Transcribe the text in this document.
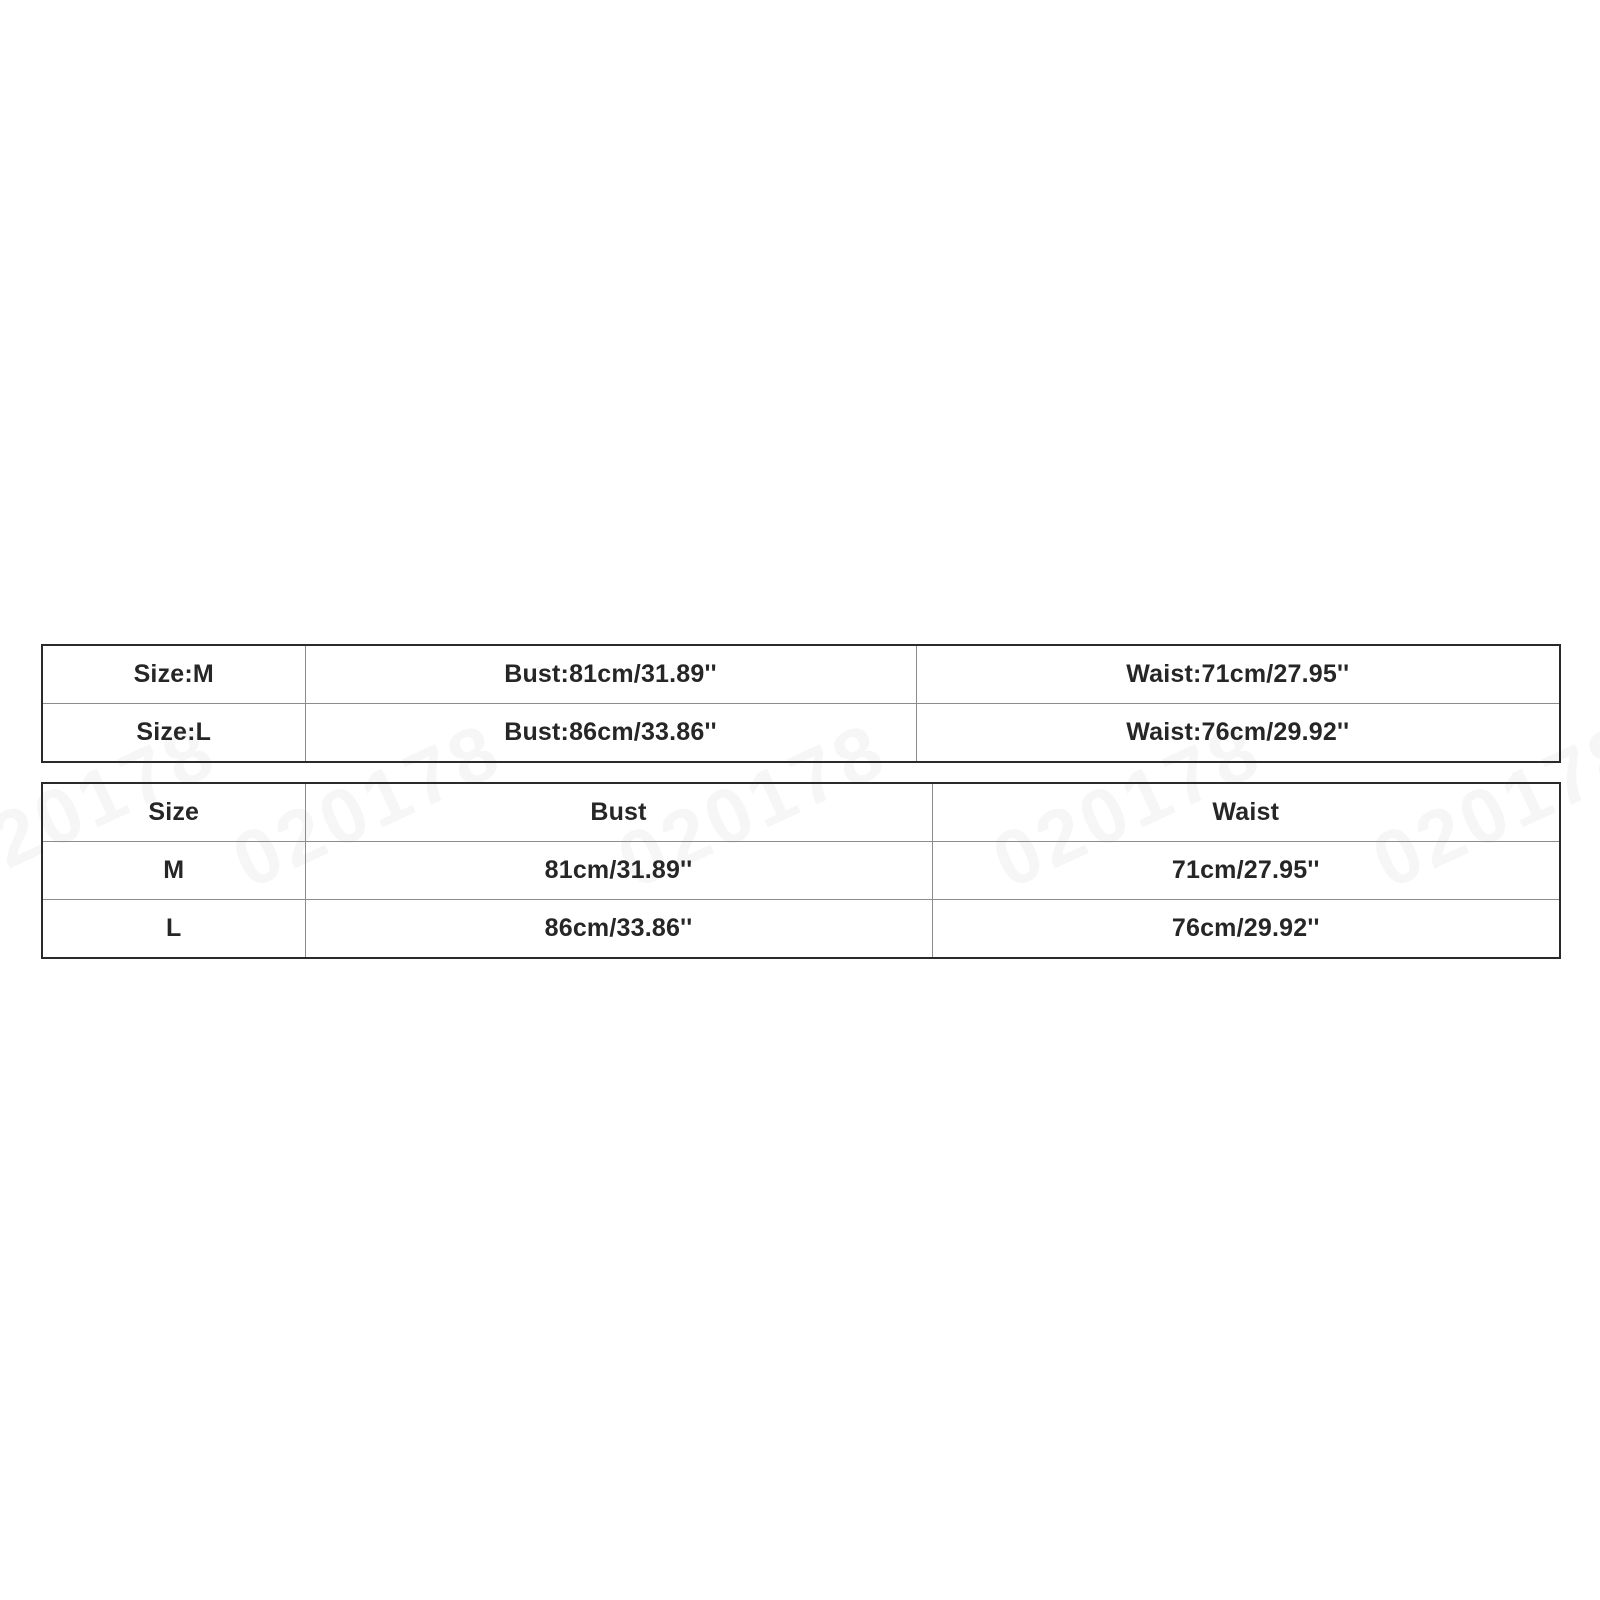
Size:M	Bust:81cm/31.89''	Waist:71cm/27.95''
Size:L	Bust:86cm/33.86''	Waist:76cm/29.92''
Size	Bust	Waist
M	81cm/31.89''	71cm/27.95''
L	86cm/33.86''	76cm/29.92''
